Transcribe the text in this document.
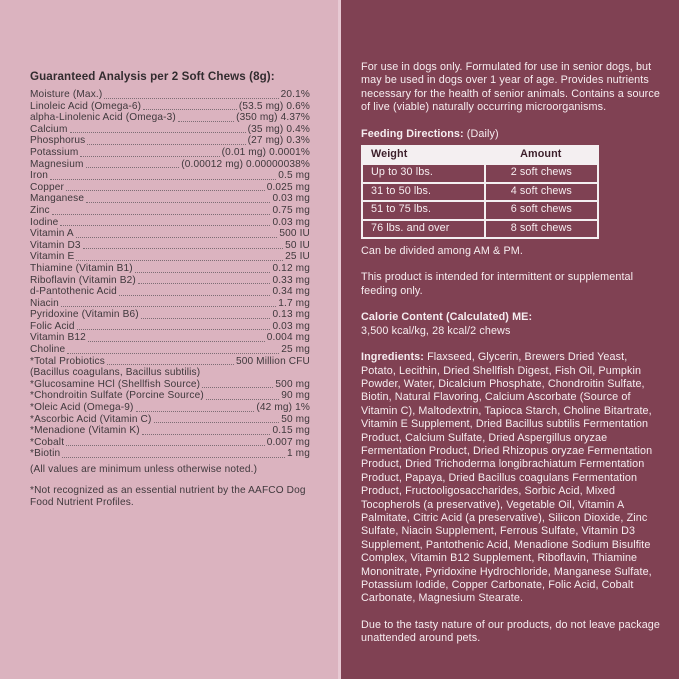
Guaranteed Analysis per 2 Soft Chews (8g):
Moisture (Max.)	20.1%
Linoleic Acid (Omega-6)	(53.5 mg) 0.6%
alpha-Linolenic Acid (Omega-3)	(350 mg) 4.37%
Calcium	(35 mg) 0.4%
Phosphorus	(27 mg) 0.3%
Potassium	(0.01 mg) 0.0001%
Magnesium	(0.00012 mg) 0.00000038%
Iron	0.5 mg
Copper	0.025 mg
Manganese	0.03 mg
Zinc	0.75 mg
Iodine	0.03 mg
Vitamin A	500 IU
Vitamin D3	50 IU
Vitamin E	25 IU
Thiamine (Vitamin B1)	0.12 mg
Riboflavin (Vitamin B2)	0.33 mg
d-Pantothenic Acid	0.34 mg
Niacin	1.7 mg
Pyridoxine (Vitamin B6)	0.13 mg
Folic Acid	0.03 mg
Vitamin B12	0.004 mg
Choline	25 mg
*Total Probiotics	500 Million CFU
(Bacillus coagulans, Bacillus subtilis)
*Glucosamine HCl (Shellfish Source)	500 mg
*Chondroitin Sulfate (Porcine Source)	90 mg
*Oleic Acid (Omega-9)	(42 mg) 1%
*Ascorbic Acid (Vitamin C)	50 mg
*Menadione (Vitamin K)	0.15 mg
*Cobalt	0.007 mg
*Biotin	1 mg

(All values are minimum unless otherwise noted.)

*Not recognized as an essential nutrient by the AAFCO Dog Food Nutrient Profiles.

For use in dogs only. Formulated for use in senior dogs, but may be used in dogs over 1 year of age. Provides nutrients necessary for the health of senior animals. Contains a source of live (viable) naturally occurring microorganisms.

Feeding Directions: (Daily)

Weight	Amount
Up to 30 lbs.	2 soft chews
31 to 50 lbs.	4 soft chews
51 to 75 lbs.	6 soft chews
76 lbs. and over	8 soft chews

Can be divided among AM & PM.

This product is intended for intermittent or supplemental feeding only.

Calorie Content (Calculated) ME:

3,500 kcal/kg, 28 kcal/2 chews

Ingredients: Flaxseed, Glycerin, Brewers Dried Yeast, Potato, Lecithin, Dried Shellfish Digest, Fish Oil, Pumpkin Powder, Water, Dicalcium Phosphate, Chondroitin Sulfate, Biotin, Natural Flavoring, Calcium Ascorbate (Source of Vitamin C), Maltodextrin, Tapioca Starch, Choline Bitartrate, Vitamin E Supplement, Dried Bacillus subtilis Fermentation Product, Calcium Sulfate, Dried Aspergillus oryzae Fermentation Product, Dried Rhizopus oryzae Fermentation Product, Dried Trichoderma longibrachiatum Fermentation Product, Papaya, Dried Bacillus coagulans Fermentation Product, Fructooligosaccharides, Sorbic Acid, Mixed Tocopherols (a preservative), Vegetable Oil, Vitamin A Palmitate, Citric Acid (a preservative), Silicon Dioxide, Zinc Sulfate, Niacin Supplement, Ferrous Sulfate, Vitamin D3 Supplement, Pantothenic Acid, Menadione Sodium Bisulfite Complex, Vitamin B12 Supplement, Riboflavin, Thiamine Mononitrate, Pyridoxine Hydrochloride, Manganese Sulfate, Potassium Iodide, Copper Carbonate, Folic Acid, Cobalt Carbonate, Magnesium Stearate.

Due to the tasty nature of our products, do not leave package unattended around pets.
